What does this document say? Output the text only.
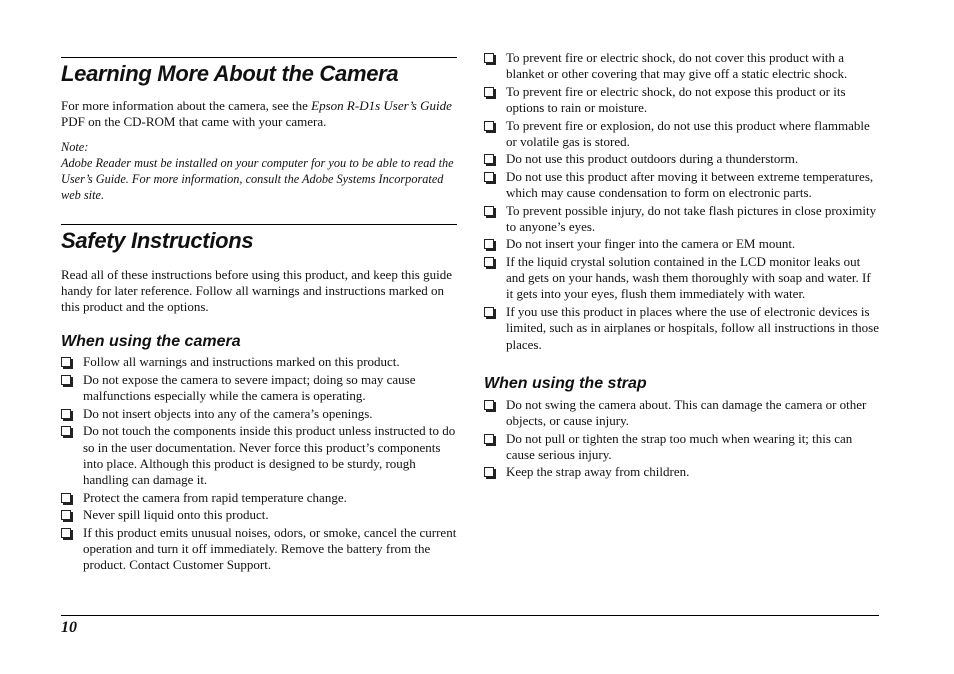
Learning More About the Camera

For more information about the camera, see the Epson R-D1s User’s Guide PDF on the CD-ROM that came with your camera.

Note:

Adobe Reader must be installed on your computer for you to be able to read the User’s Guide. For more information, consult the Adobe Systems Incorporated web site.

Safety Instructions

Read all of these instructions before using this product, and keep this guide handy for later reference. Follow all warnings and instructions marked on this product and the options.

When using the camera
Follow all warnings and instructions marked on this product.
Do not expose the camera to severe impact; doing so may cause malfunctions especially while the camera is operating.
Do not insert objects into any of the camera’s openings.
Do not touch the components inside this product unless instructed to do so in the user documentation. Never force this product’s components into place. Although this product is designed to be sturdy, rough handling can damage it.
Protect the camera from rapid temperature change.
Never spill liquid onto this product.
If this product emits unusual noises, odors, or smoke, cancel the current operation and turn it off immediately. Remove the battery from the product. Contact Customer Support.
To prevent fire or electric shock, do not cover this product with a blanket or other covering that may give off a static electric shock.
To prevent fire or electric shock, do not expose this product or its options to rain or moisture.
To prevent fire or explosion, do not use this product where flammable or volatile gas is stored.
Do not use this product outdoors during a thunderstorm.
Do not use this product after moving it between extreme temperatures, which may cause condensation to form on electronic parts.
To prevent possible injury, do not take flash pictures in close proximity to anyone’s eyes.
Do not insert your finger into the camera or EM mount.
If the liquid crystal solution contained in the LCD monitor leaks out and gets on your hands, wash them thoroughly with soap and water. If it gets into your eyes, flush them immediately with water.
If you use this product in places where the use of electronic devices is limited, such as in airplanes or hospitals, follow all instructions in those places.
When using the strap
Do not swing the camera about. This can damage the camera or other objects, or cause injury.
Do not pull or tighten the strap too much when wearing it; this can cause serious injury.
Keep the strap away from children.
10
